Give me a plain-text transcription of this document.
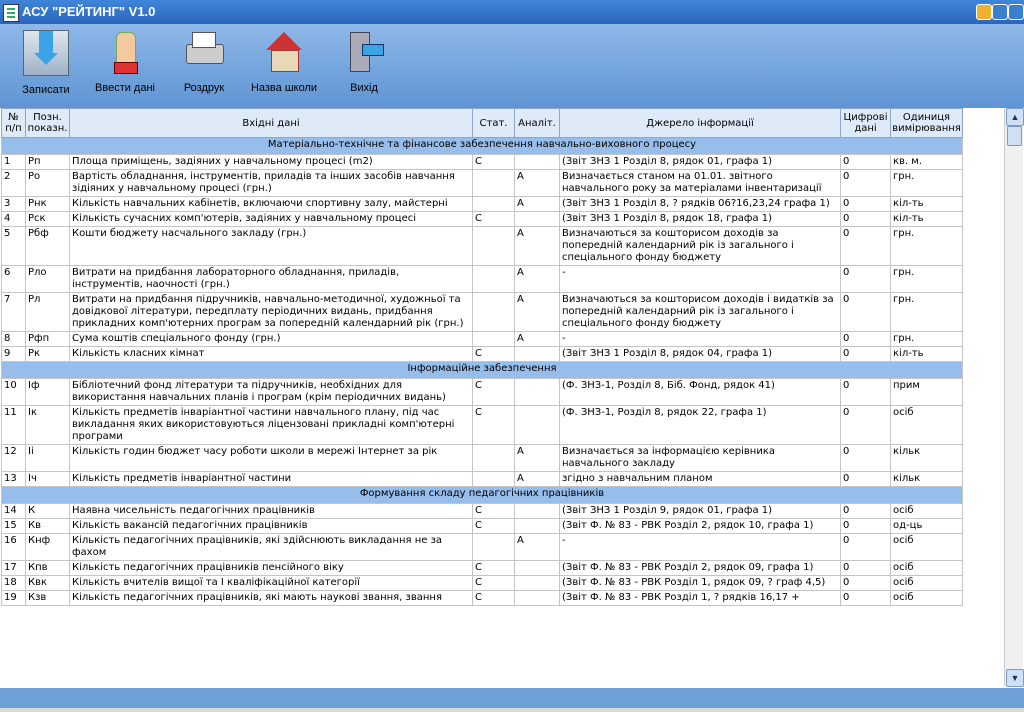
АСУ "РЕЙТИНГ" V1.0
Записати	Ввести дані	Роздрук	Назва школи	Вихід
№ п/п	Позн. показн.	Вхідні дані	Стат.	Аналіт.	Джерело інформації	Цифрові дані	Одиниця вимірювання
Матеріально-технічне та фінансове забезпечення навчально-виховного процесу							
1	Рп	Площа приміщень, задіяних у навчальному процесі (m2)	С		(Звіт ЗНЗ 1 Розділ 8, рядок 01, графа 1)	0	кв. м.
2	Ро	Вартість обладнання, інструментів, приладів та інших засобів навчання зідіяних у навчальному процесі (грн.)		А	Визначається станом на 01.01. звітного навчального року за матеріалами інвентаризації	0	грн.
3	Рнк	Кількість навчальних кабінетів, включаючи спортивну залу, майстерні		А	(Звіт ЗНЗ 1 Розділ 8, ? рядків 06?16,23,24 графа 1)	0	кіл-ть
4	Рск	Кількість сучасних комп'ютерів, задіяних у навчальному процесі	С		(Звіт ЗНЗ 1 Розділ 8, рядок 18, графа 1)	0	кіл-ть
5	Рбф	Кошти бюджету насчального закладу (грн.)		А	Визначаються за кошторисом доходів за попередній календарний рік із загального і спеціального фонду бюджету	0	грн.
6	Рло	Витрати на придбання лабораторного обладнання, приладів, інструментів, наочності (грн.)		А	-	0	грн.
7	Рл	Витрати на придбання підручників, навчально-методичної, художньої та довідкової літератури, передплату періодичних видань, придбання прикладних комп'ютерних програм за попередній календарний рік (грн.)		А	Визначаються за кошторисом доходів і видатків за попередній календарний рік із загального і спеціального фонду бюджету	0	грн.
8	Рфп	Сума коштів спеціального фонду (грн.)		А	-	0	грн.
9	Рк	Кількість класних кімнат	С		(Звіт ЗНЗ 1 Розділ 8, рядок 04, графа 1)	0	кіл-ть
Інформаційне забезпечення							
10	Іф	Бібліотечний фонд літератури та підручників, необхідних для використання навчальних планів і програм (крім періодичних видань)	С		(Ф. ЗНЗ-1, Розділ 8, Біб. Фонд, рядок 41)	0	прим
11	Ік	Кількість предметів інваріантної частини навчального плану, під час викладання яких використовуються ліцензовані прикладні комп'ютерні програми	С		(Ф. ЗНЗ-1, Розділ 8, рядок 22, графа 1)	0	осіб
12	Іі	Кількість годин бюджет часу роботи школи в мережі Інтернет за рік		А	Визначається за інформацією керівника навчального закладу	0	кільк
13	Іч	Кількість предметів інваріантної частини		А	згідно з навчальним планом	0	кільк
Формування складу педагогічних працівників							
14	К	Наявна чисельність педагогічних працівників	С		(Звіт ЗНЗ 1 Розділ 9, рядок 01, графа 1)	0	осіб
15	Кв	Кількість вакансій педагогічних працівників	С		(Звіт Ф. № 83 - РВК Розділ 2, рядок 10, графа 1)	0	од-ць
16	Кнф	Кількість педагогічних працівників, які здійснюють викладання не за фахом		А	-	0	осіб
17	Кпв	Кількість педагогічних працівників пенсійного віку	С		(Звіт Ф. № 83 - РВК Розділ 2, рядок 09, графа 1)	0	осіб
18	Квк	Кількість вчителів вищої та І кваліфікаційної категорії	С		(Звіт Ф. № 83 - РВК Розділ 1, рядок 09, ? граф 4,5)	0	осіб
19	Кзв	Кількість педагогічних працівників, які мають наукові звання, звання	С		(Звіт Ф. № 83 - РВК Розділ 1, ? рядків 16,17 +	0	осіб
▲
▼
